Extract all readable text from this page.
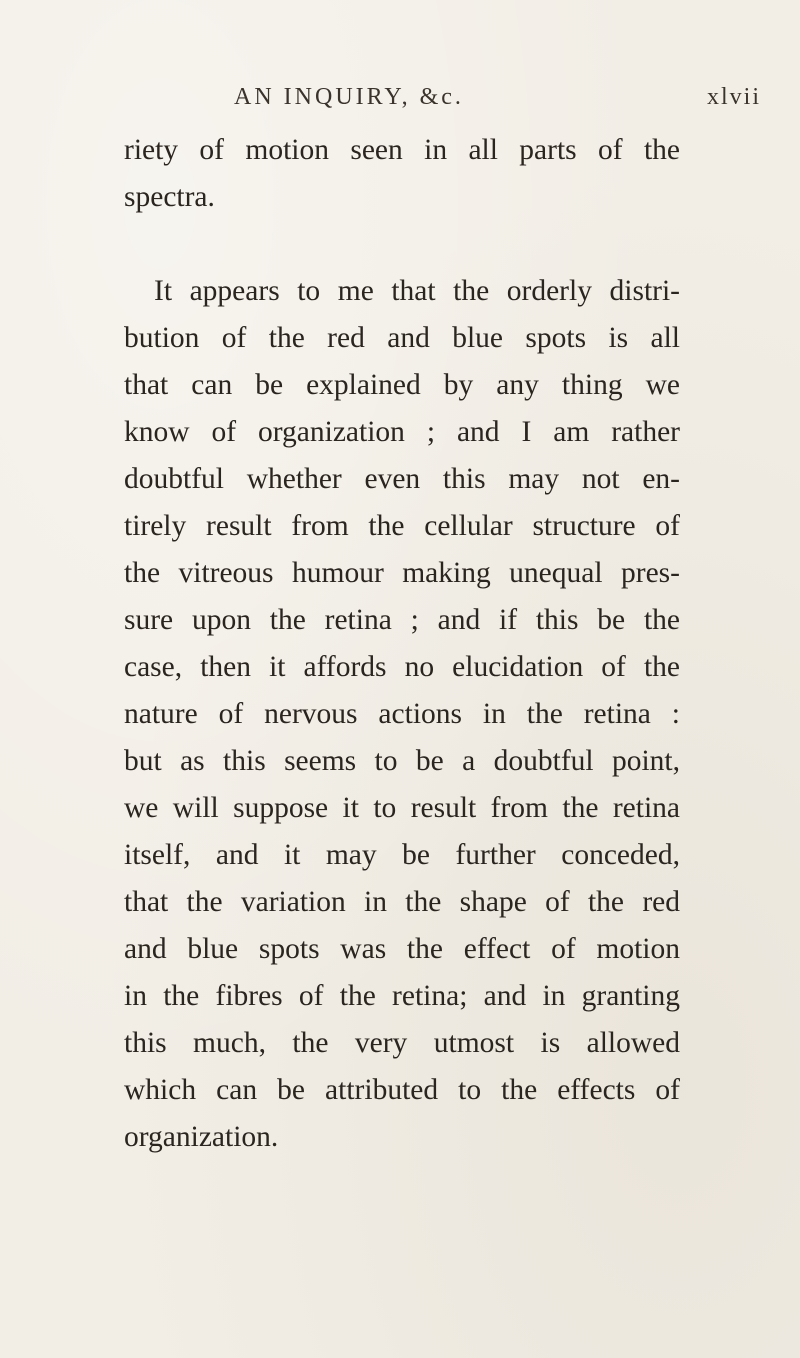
AN INQUIRY, &c.	xlvii
riety of motion seen in all parts of the
spectra.
It appears to me that the orderly distri-
bution of the red and blue spots is all
that can be explained by any thing we
know of organization ; and I am rather
doubtful whether even this may not en-
tirely result from the cellular structure of
the vitreous humour making unequal pres-
sure upon the retina ; and if this be the
case, then it affords no elucidation of the
nature of nervous actions in the retina :
but as this seems to be a doubtful point,
we will suppose it to result from the retina
itself, and it may be further conceded,
that the variation in the shape of the red
and blue spots was the effect of motion
in the fibres of the retina; and in granting
this much, the very utmost is allowed
which can be attributed to the effects of
organization.
